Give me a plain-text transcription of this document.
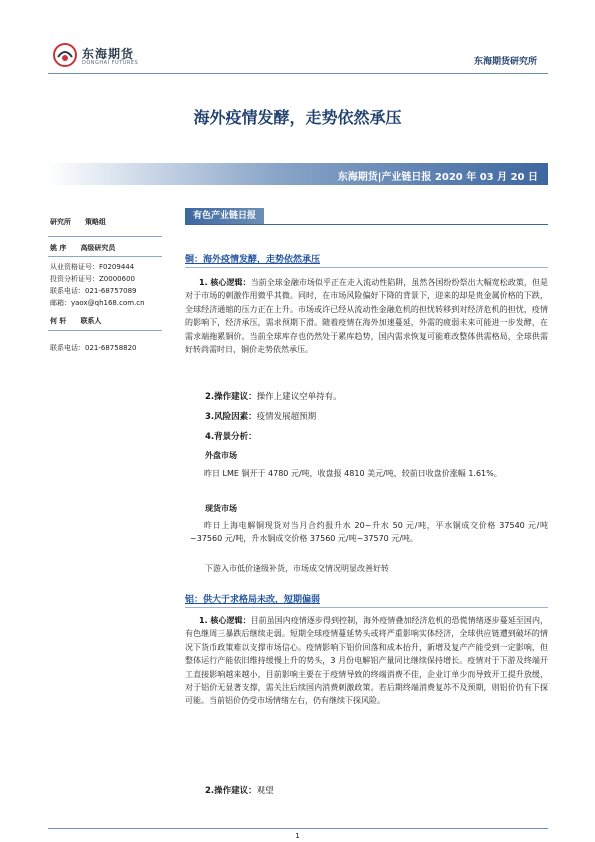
东海期货
DONGHAI FUTURES	东海期货研究所
海外疫情发酵，走势依然承压
东海期货|产业链日报 2020 年 03 月 20 日
研究所 策略组
姚 序 高级研究员
从业资格证号：F0209444
投资分析证号：Z0000600
联系电话：021-68757089
邮箱：yaox@qh168.com.cn
何 轩 联系人
联系电话：021-68758820
有色产业链日报
铜：海外疫情发酵，走势依然承压
1. 核心逻辑：当前全球金融市场似乎正在走入流动性陷阱，虽然各国纷纷祭出大幅宽松政策，但是对于市场的刺激作用微乎其微。同时，在市场风险偏好下降的背景下，迎来的却是贵金属价格的下跌，全球经济通缩的压力正在上升。市场或许已经从流动性金融危机的担忧转移到对经济危机的担忧，疫情的影响下，经济承压，需求预期下滑。随着疫情在海外加速蔓延，外需的疲弱未来可能进一步发酵，在需求端拖累铜价。当前全球库存也仍然处于累库趋势，国内需求恢复可能难改整体供需格局，全球供需好转尚需时日，铜价走势依然承压。
2.操作建议：操作上建议空单持有。
3.风险因素：疫情发展超预期
4.背景分析：
外盘市场
昨日 LME 铜开于 4780 元/吨，收盘报 4810 美元/吨，较前日收盘价涨幅 1.61%。
现货市场
昨日上海电解铜现货对当月合约报升水 20~升水 50 元/吨，平水铜成交价格 37540 元/吨~37560 元/吨，升水铜成交价格 37560 元/吨~37570 元/吨。
下游入市低价逢级补货，市场成交情况明显改善好转
铝：供大于求格局未改，短期偏弱
1. 核心逻辑：目前虽国内疫情逐步得到控制，海外疫情叠加经济危机的恐慌情绪逐步蔓延至国内，有色继周三暴跌后继续走弱。短期全球疫情蔓延势头或将严重影响实体经济，全球供应链遭到破坏的情况下货币政策难以支撑市场信心。疫情影响下铝价回落和成本抬升，新增及复产产能受到一定影响，但整体运行产能依旧维持缓慢上升的势头，3 月份电解铝产量同比继续保持增长。疫情对于下游及终端开工直接影响越来越小，目前影响主要在于疫情导致的终端消费不佳，企业订单少而导致开工提升放缓，对于铝价无显著支撑，需关注后续国内消费刺激政策。若后期终端消费复苏不及预期，则铝价仍有下探可能。当前铝价仍受市场情绪左右，仍有继续下探风险。
2.操作建议：观望
1
